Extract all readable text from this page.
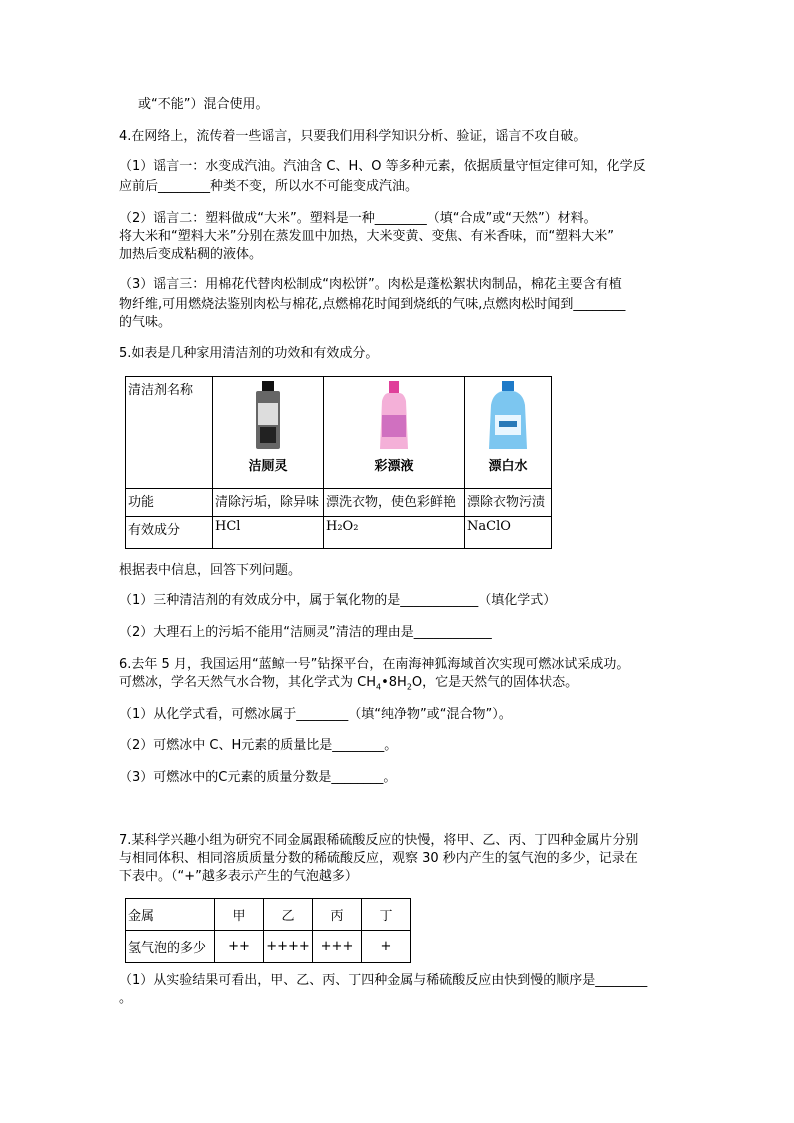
或“不能”）混合使用。
4.在网络上，流传着一些谣言，只要我们用科学知识分析、验证，谣言不攻自破。
（1）谣言一：水变成汽油。汽油含 C、H、O 等多种元素，依据质量守恒定律可知，化学反
应前后________种类不变，所以水不可能变成汽油。
（2）谣言二：塑料做成“大米”。塑料是一种________（填“合成”或“天然”）材料。
将大米和“塑料大米”分别在蒸发皿中加热，大米变黄、变焦、有米香味，而“塑料大米”
加热后变成粘稠的液体。
（3）谣言三：用棉花代替肉松制成“肉松饼”。肉松是蓬松絮状肉制品，棉花主要含有植
物纤维,可用燃烧法鉴别肉松与棉花,点燃棉花时闻到烧纸的气味,点燃肉松时闻到________
的气味。
5.如表是几种家用清洁剂的功效和有效成分。
清洁剂名称	洁厕灵	彩漂液	漂白水

功能	清除污垢，除异味	漂洗衣物，使色彩鲜艳	漂除衣物污渍
有效成分	HCl	H₂O₂	NaClO
根据表中信息，回答下列问题。
（1）三种清洁剂的有效成分中，属于氧化物的是____________（填化学式）
（2）大理石上的污垢不能用“洁厕灵”清洁的理由是____________
6.去年 5 月，我国运用“蓝鲸一号”钻探平台，在南海神狐海域首次实现可燃冰试采成功。
可燃冰，学名天然气水合物，其化学式为 $CH_4•8H_2O$，它是天然气的固体状态。
（1）从化学式看，可燃冰属于________（填“纯净物”或“混合物”）。
（2）可燃冰中 C、H元素的质量比是________。
（3）可燃冰中的C元素的质量分数是________。
7.某科学兴趣小组为研究不同金属跟稀硫酸反应的快慢，将甲、乙、丙、丁四种金属片分别
与相同体积、相同溶质质量分数的稀硫酸反应，观察 30 秒内产生的氢气泡的多少，记录在
下表中。（“+”越多表示产生的气泡越多）
金属	甲	乙	丙	丁
氢气泡的多少	++	++++	+++	+
（1）从实验结果可看出，甲、乙、丙、丁四种金属与稀硫酸反应由快到慢的顺序是________
。
